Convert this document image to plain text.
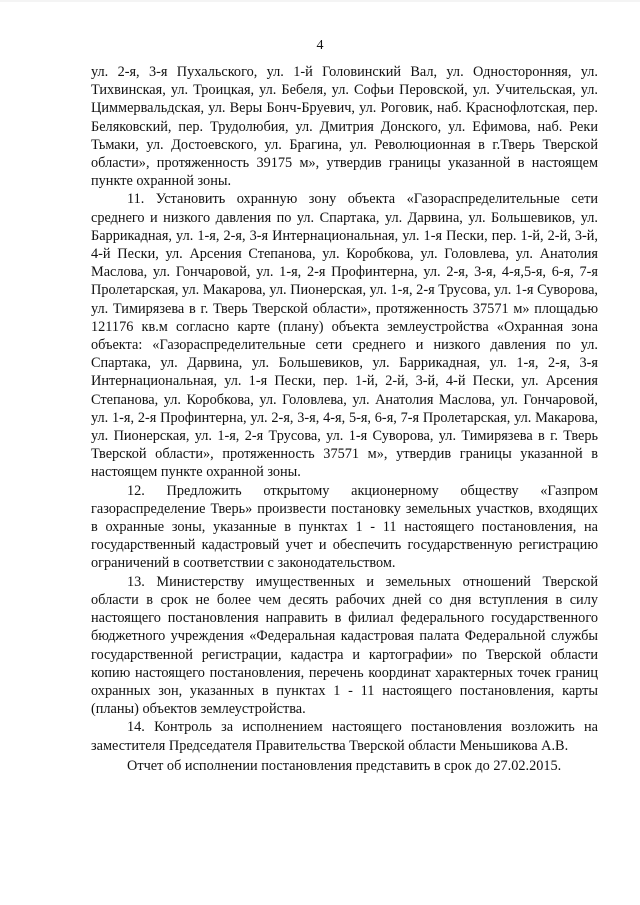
4

ул. 2-я, 3-я Пухальского, ул. 1-й Головинский Вал, ул. Односторонняя, ул. Тихвинская, ул. Троицкая, ул. Бебеля, ул. Софьи Перовской, ул. Учительская, ул. Циммервальдская, ул. Веры Бонч-Бруевич, ул. Роговик, наб. Краснофлотская, пер. Беляковский, пер. Трудолюбия, ул. Дмитрия Донского, ул. Ефимова, наб. Реки Тьмаки, ул. Достоевского, ул. Брагина, ул. Революционная в г.Тверь Тверской области», протяженность 39175 м», утвердив границы указанной в настоящем пункте охранной зоны.

11. Установить охранную зону объекта «Газораспределительные сети среднего и низкого давления по ул. Спартака, ул. Дарвина, ул. Большевиков, ул. Баррикадная, ул. 1-я, 2-я, 3-я Интернациональная, ул. 1-я Пески, пер. 1-й, 2-й, 3-й, 4-й Пески, ул. Арсения Степанова, ул. Коробкова, ул. Головлева, ул. Анатолия Маслова, ул. Гончаровой, ул. 1-я, 2-я Профинтерна, ул. 2-я, 3-я, 4-я,5-я, 6-я, 7-я Пролетарская, ул. Макарова, ул. Пионерская, ул. 1-я, 2-я Трусова, ул. 1-я Суворова, ул. Тимирязева в г. Тверь Тверской области», протяженность 37571 м» площадью 121176 кв.м согласно карте (плану) объекта землеустройства «Охранная зона объекта: «Газораспределительные сети среднего и низкого давления по ул. Спартака, ул. Дарвина, ул. Большевиков, ул. Баррикадная, ул. 1-я, 2-я, 3-я Интернациональная, ул. 1-я Пески, пер. 1-й, 2-й, 3-й, 4-й Пески, ул. Арсения Степанова, ул. Коробкова, ул. Головлева, ул. Анатолия Маслова, ул. Гончаровой, ул. 1-я, 2-я Профинтерна, ул. 2-я, 3-я, 4-я, 5-я, 6-я, 7-я Пролетарская, ул. Макарова, ул. Пионерская, ул. 1-я, 2-я Трусова, ул. 1-я Суворова, ул. Тимирязева в г. Тверь Тверской области», протяженность 37571 м», утвердив границы указанной в настоящем пункте охранной зоны.

12. Предложить открытому акционерному обществу «Газпром газораспределение Тверь» произвести постановку земельных участков, входящих в охранные зоны, указанные в пунктах 1 - 11 настоящего постановления, на государственный кадастровый учет и обеспечить государственную регистрацию ограничений в соответствии с законодательством.

13. Министерству имущественных и земельных отношений Тверской области в срок не более чем десять рабочих дней со дня вступления в силу настоящего постановления направить в филиал федерального государственного бюджетного учреждения «Федеральная кадастровая палата Федеральной службы государственной регистрации, кадастра и картографии» по Тверской области копию настоящего постановления, перечень координат характерных точек границ охранных зон, указанных в пунктах 1 - 11 настоящего постановления, карты (планы) объектов землеустройства.

14. Контроль за исполнением настоящего постановления возложить на заместителя Председателя Правительства Тверской области Меньшикова А.В.

Отчет об исполнении постановления представить в срок до 27.02.2015.
